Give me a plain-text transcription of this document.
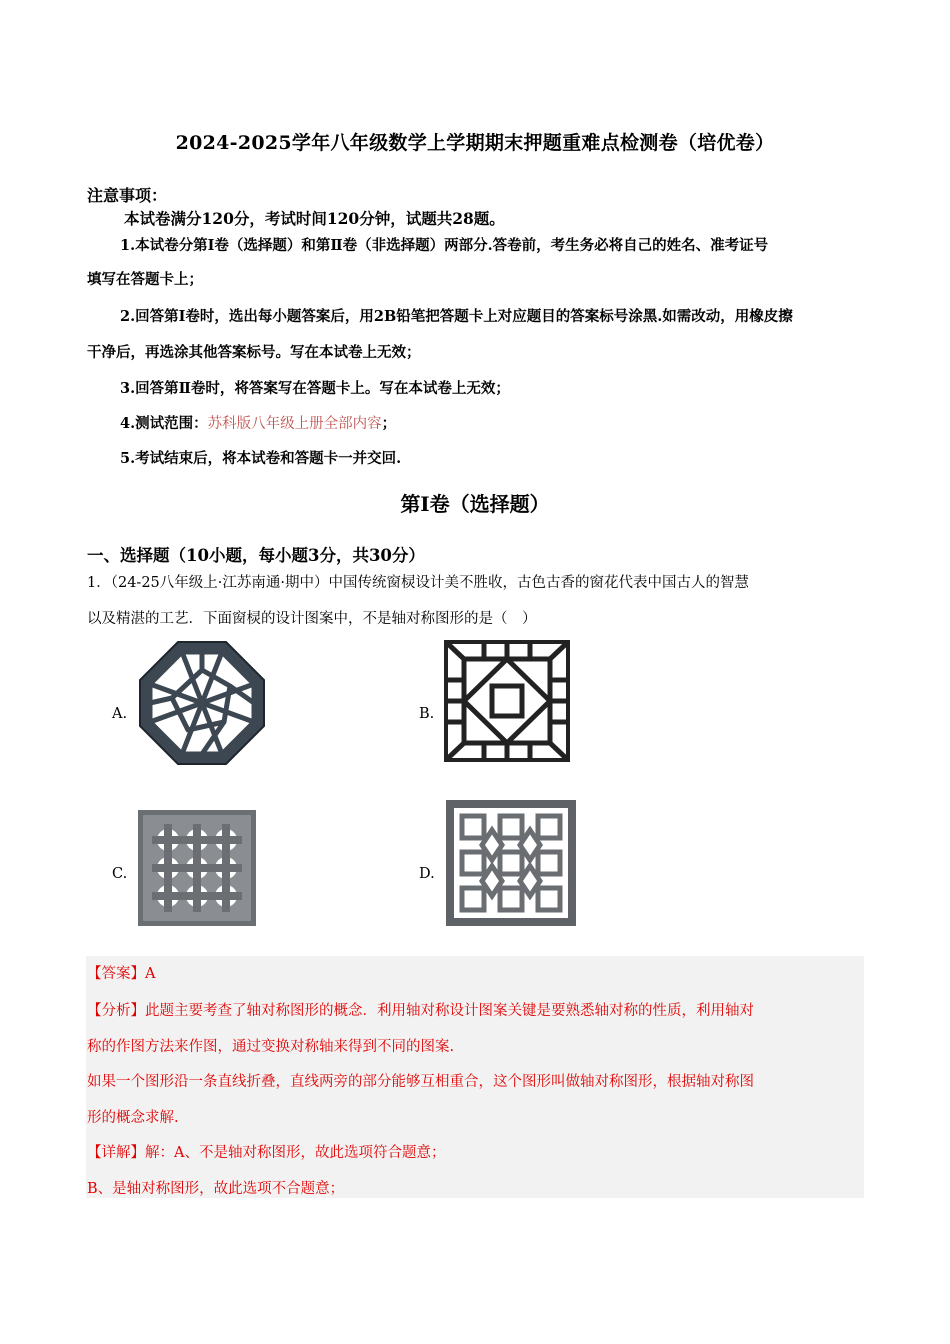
2024-2025学年八年级数学上学期期末押题重难点检测卷（培优卷）
注意事项：
本试卷满分120分，考试时间120分钟，试题共28题。
1.本试卷分第Ⅰ卷（选择题）和第Ⅱ卷（非选择题）两部分.答卷前，考生务必将自己的姓名、准考证号
填写在答题卡上；
2.回答第Ⅰ卷时，选出每小题答案后，用2B铅笔把答题卡上对应题目的答案标号涂黑.如需改动，用橡皮擦
干净后，再选涂其他答案标号。写在本试卷上无效；
3.回答第Ⅱ卷时，将答案写在答题卡上。写在本试卷上无效；
4.测试范围：苏科版八年级上册全部内容；
5.考试结束后，将本试卷和答题卡一并交回.
第I卷（选择题）
一、选择题（10小题，每小题3分，共30分）
1．（24-25八年级上·江苏南通·期中）中国传统窗棂设计美不胜收，古色古香的窗花代表中国古人的智慧
以及精湛的工艺．下面窗棂的设计图案中，不是轴对称图形的是（　）
A.	B.
C.	D.
【答案】A
【分析】此题主要考查了轴对称图形的概念．利用轴对称设计图案关键是要熟悉轴对称的性质，利用轴对
称的作图方法来作图，通过变换对称轴来得到不同的图案.
如果一个图形沿一条直线折叠，直线两旁的部分能够互相重合，这个图形叫做轴对称图形，根据轴对称图
形的概念求解.
【详解】解：A、不是轴对称图形，故此选项符合题意；
B、是轴对称图形，故此选项不合题意；
